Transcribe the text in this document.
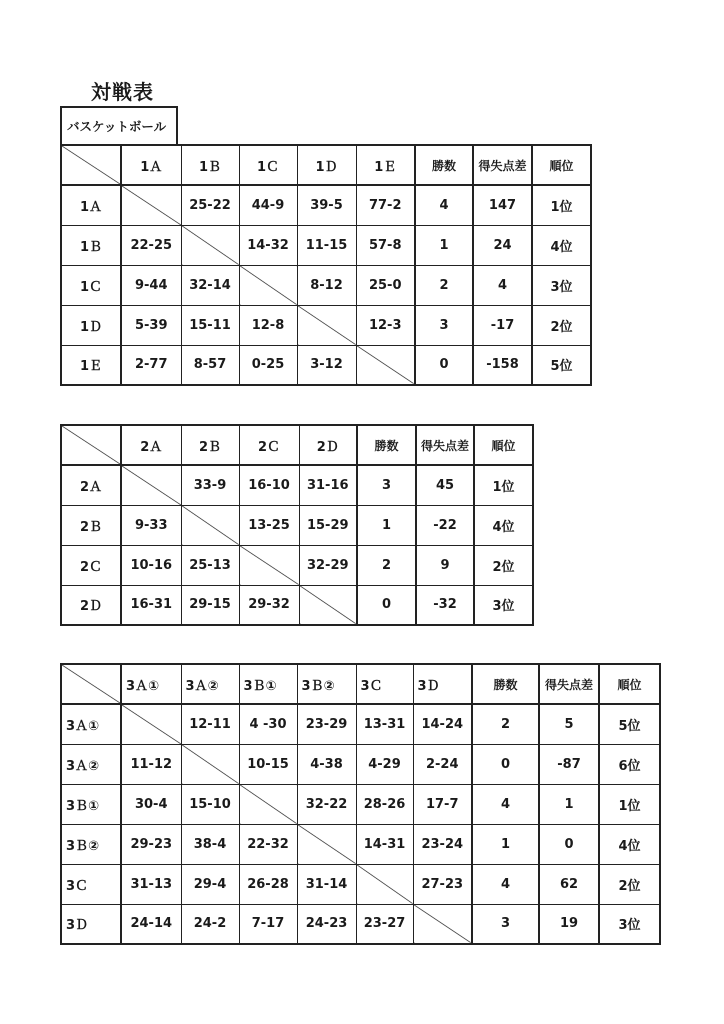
対戦表
バスケットボール
	1Ａ	1Ｂ	1Ｃ	1Ｄ	1Ｅ	勝数	得失点差	順位
1Ａ		25-22	44-9	39-5	77-2	4	147	1位
1Ｂ	22-25		14-32	11-15	57-8	1	24	4位
1Ｃ	9-44	32-14		8-12	25-0	2	4	3位
1Ｄ	5-39	15-11	12-8		12-3	3	-17	2位
1Ｅ	2-77	8-57	0-25	3-12		0	-158	5位
	2Ａ	2Ｂ	2Ｃ	2Ｄ	勝数	得失点差	順位
2Ａ		33-9	16-10	31-16	3	45	1位
2Ｂ	9-33		13-25	15-29	1	-22	4位
2Ｃ	10-16	25-13		32-29	2	9	2位
2Ｄ	16-31	29-15	29-32		0	-32	3位
	3Ａ①	3Ａ②	3Ｂ①	3Ｂ②	3Ｃ	3Ｄ	勝数	得失点差	順位
3Ａ①		12-11	4 -30	23-29	13-31	14-24	2	5	5位
3Ａ②	11-12		10-15	4-38	4-29	2-24	0	-87	6位
3Ｂ①	30-4	15-10		32-22	28-26	17-7	4	1	1位
3Ｂ②	29-23	38-4	22-32		14-31	23-24	1	0	4位
3Ｃ	31-13	29-4	26-28	31-14		27-23	4	62	2位
3Ｄ	24-14	24-2	7-17	24-23	23-27		3	19	3位
